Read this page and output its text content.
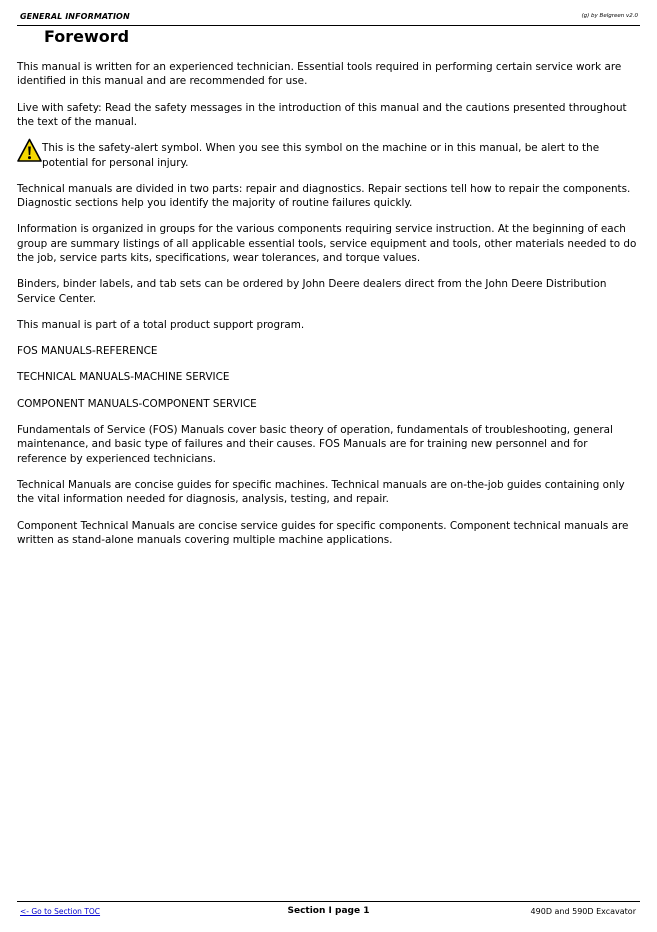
GENERAL INFORMATION	(g) by Belgreen v2.0
Foreword

This manual is written for an experienced technician. Essential tools required in performing certain service work are identified in this manual and are recommended for use.

Live with safety: Read the safety messages in the introduction of this manual and the cautions presented throughout the text of the manual.

This is the safety-alert symbol. When you see this symbol on the machine or in this manual, be alert to the potential for personal injury.

Technical manuals are divided in two parts: repair and diagnostics. Repair sections tell how to repair the components. Diagnostic sections help you identify the majority of routine failures quickly.

Information is organized in groups for the various components requiring service instruction. At the beginning of each group are summary listings of all applicable essential tools, service equipment and tools, other materials needed to do the job, service parts kits, specifications, wear tolerances, and torque values.

Binders, binder labels, and tab sets can be ordered by John Deere dealers direct from the John Deere Distribution Service Center.

This manual is part of a total product support program.

FOS MANUALS-REFERENCE

TECHNICAL MANUALS-MACHINE SERVICE

COMPONENT MANUALS-COMPONENT SERVICE

Fundamentals of Service (FOS) Manuals cover basic theory of operation, fundamentals of troubleshooting, general maintenance, and basic type of failures and their causes. FOS Manuals are for training new personnel and for reference by experienced technicians.

Technical Manuals are concise guides for specific machines. Technical manuals are on-the-job guides containing only the vital information needed for diagnosis, analysis, testing, and repair.

Component Technical Manuals are concise service guides for specific components. Component technical manuals are written as stand-alone manuals covering multiple machine applications.

<- Go to Section TOC	Section I page 1	490D and 590D Excavator
